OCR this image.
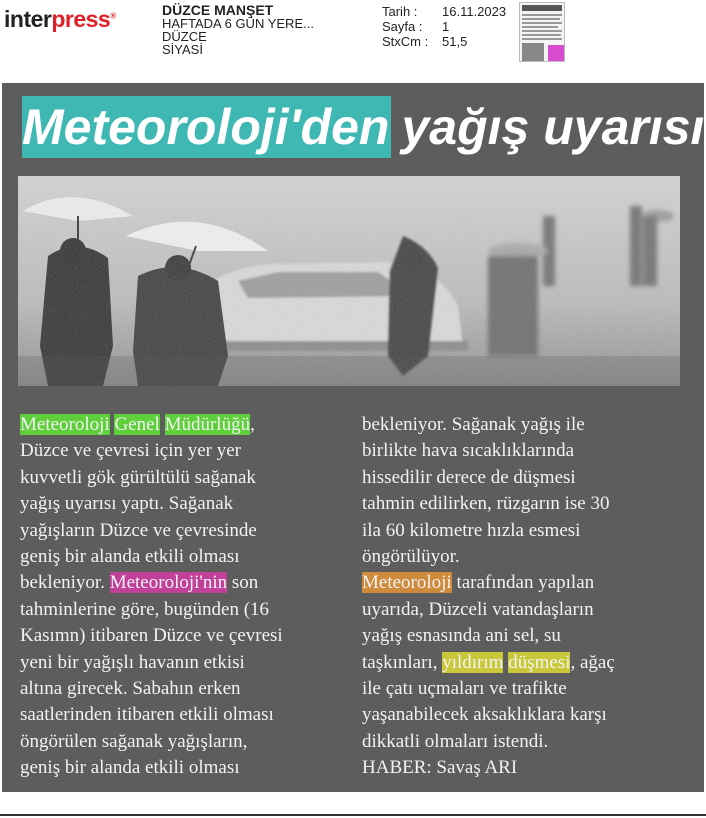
interpress®	DÜZCE MANŞET
HAFTADA 6 GÜN YERE...
DÜZCE
SİYASİ
Tarih :	16.11.2023
Sayfa :	1
StxCm :	51,5
Meteoroloji'den yağış uyarısı
Meteoroloji Genel Müdürlüğü,
Düzce ve çevresi için yer yer
kuvvetli gök gürültülü sağanak
yağış uyarısı yaptı. Sağanak
yağışların Düzce ve çevresinde
geniş bir alanda etkili olması
bekleniyor. Meteoroloji'nin son
tahminlerine göre, bugünden (16
Kasımn) itibaren Düzce ve çevresi
yeni bir yağışlı havanın etkisi
altına girecek. Sabahın erken
saatlerinden itibaren etkili olması
öngörülen sağanak yağışların,
geniş bir alanda etkili olması
bekleniyor. Sağanak yağış ile
birlikte hava sıcaklıklarında
hissedilir derece de düşmesi
tahmin edilirken, rüzgarın ise 30
ila 60 kilometre hızla esmesi
öngörülüyor.
Meteoroloji tarafından yapılan
uyarıda, Düzceli vatandaşların
yağış esnasında ani sel, su
taşkınları, yıldırım düşmesi, ağaç
ile çatı uçmaları ve trafikte
yaşanabilecek aksaklıklara karşı
dikkatli olmaları istendi.
HABER: Savaş ARI
